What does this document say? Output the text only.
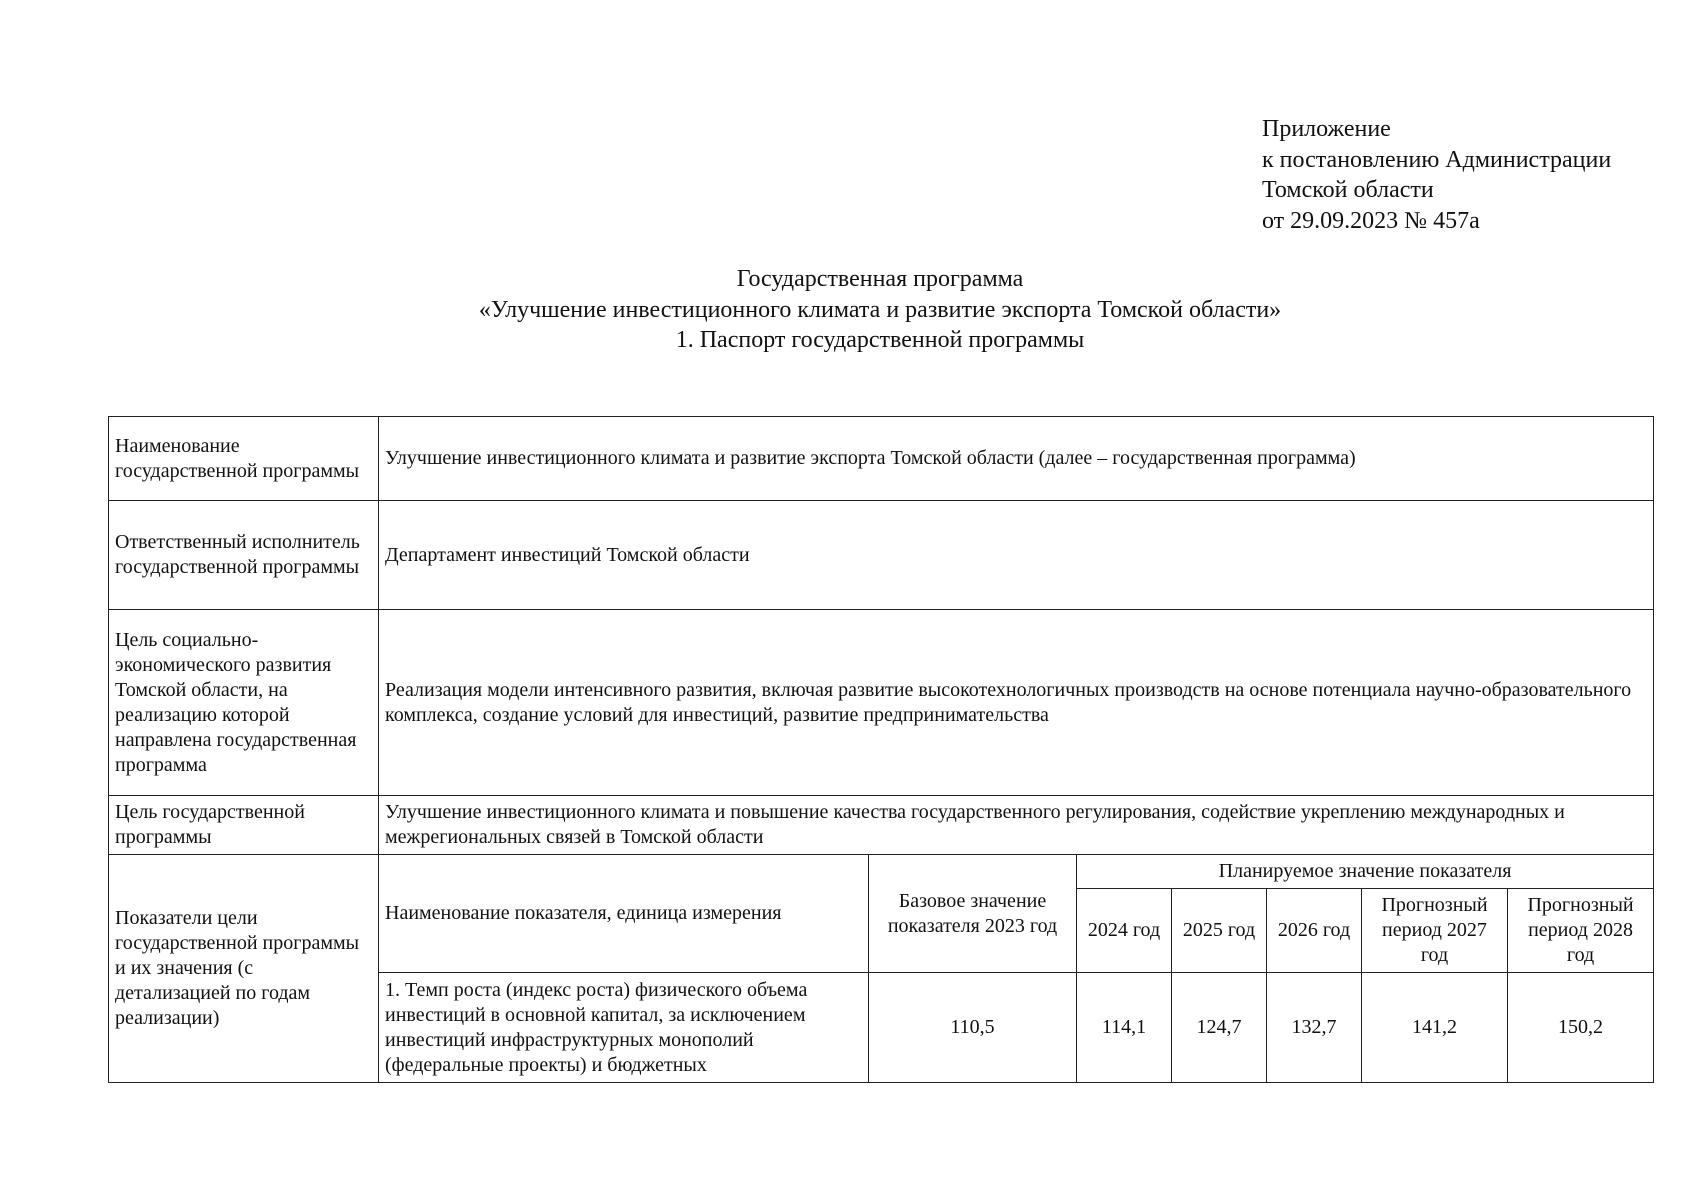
Приложение
к постановлению Администрации
Томской области
от 29.09.2023 № 457а
Государственная программа
«Улучшение инвестиционного климата и развитие экспорта Томской области»
1. Паспорт государственной программы
Наименование государственной программы	Улучшение инвестиционного климата и развитие экспорта Томской области (далее – государственная программа)						
Ответственный исполнитель государственной программы	Департамент инвестиций Томской области						
Цель социально-экономического развития Томской области, на реализацию которой направлена государственная программа	Реализация модели интенсивного развития, включая развитие высокотехнологичных производств на основе потенциала научно-образовательного комплекса, создание условий для инвестиций, развитие предпринимательства						
Цель государственной программы	Улучшение инвестиционного климата и повышение качества государственного регулирования, содействие укреплению международных и межрегиональных связей в Томской области						
Показатели цели государственной программы и их значения (с детализацией по годам реализации)	Наименование показателя, единица измерения	Базовое значение показателя 2023 год	Планируемое значение показателя				
			2024 год	2025 год	2026 год	Прогнозный период 2027 год	Прогнозный период 2028 год
	1. Темп роста (индекс роста) физического объема инвестиций в основной капитал, за исключением инвестиций инфраструктурных монополий (федеральные проекты) и бюджетных	110,5	114,1	124,7	132,7	141,2	150,2
